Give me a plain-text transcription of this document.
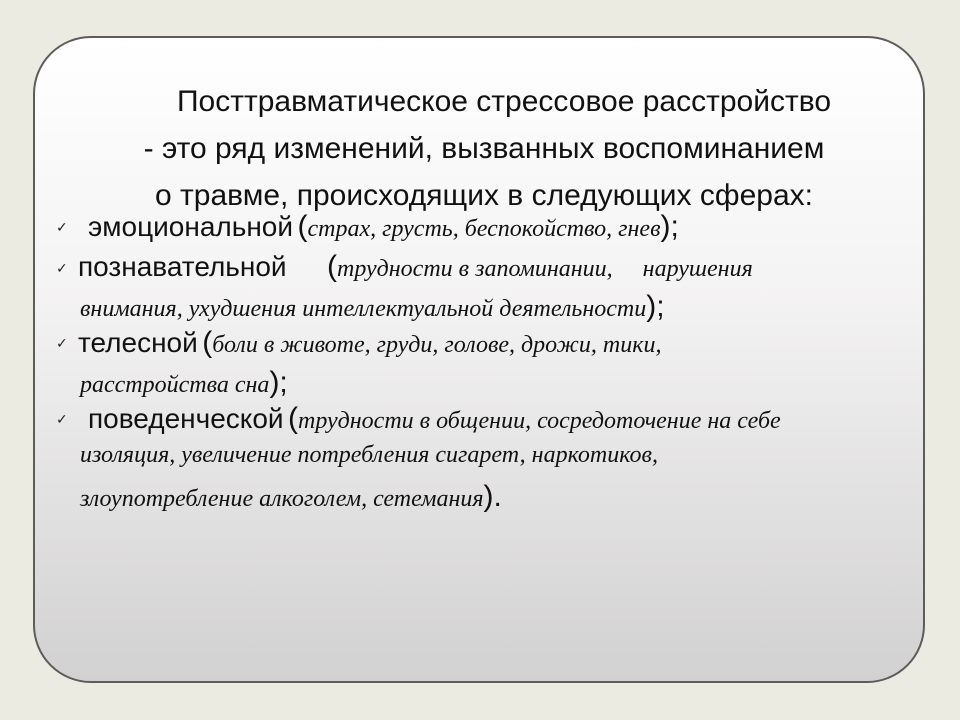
Посттравматическое стрессовое расстройство
- это ряд изменений, вызванных воспоминанием
о травме, происходящих в следующих сферах:
✓ эмоциональной (страх, грусть, беспокойство, гнев);
✓ познавательной (трудности в запоминании,     нарушения
внимания, ухудшения интеллектуальной деятельности);
✓ телесной (боли в животе, груди, голове, дрожи, тики,
расстройства сна);
✓ поведенческой (трудности в общении, сосредоточение на себе
изоляция, увеличение потребления сигарет, наркотиков,
злоупотребление алкоголем, сетемания).
